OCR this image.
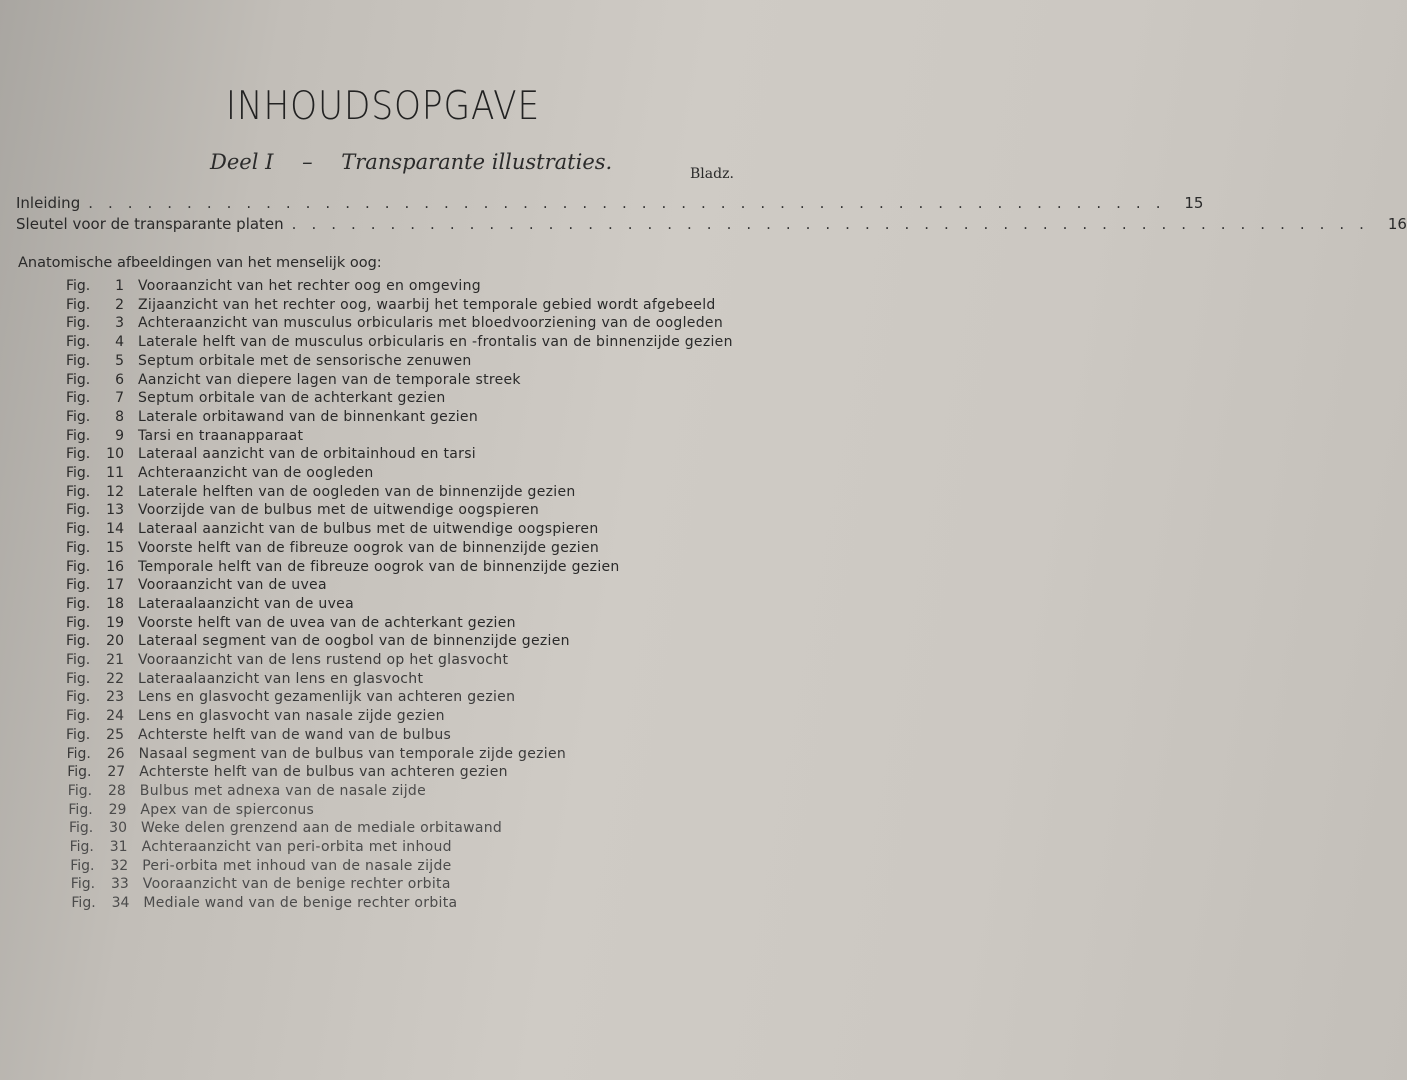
INHOUDSOPGAVE
Deel I – Transparante illustraties.	Bladz.
Inleiding ....................................................... 15
Sleutel voor de transparante platen ....................................................... 16
Anatomische afbeeldingen van het menselijk oog:
Fig.	1 Vooraanzicht van het rechter oog en omgeving
Fig.	2 Zijaanzicht van het rechter oog, waarbij het temporale gebied wordt afgebeeld
Fig.	3 Achteraanzicht van musculus orbicularis met bloedvoorziening van de oogleden
Fig.	4 Laterale helft van de musculus orbicularis en -frontalis van de binnenzijde gezien
Fig.	5 Septum orbitale met de sensorische zenuwen
Fig.	6 Aanzicht van diepere lagen van de temporale streek
Fig.	7 Septum orbitale van de achterkant gezien
Fig.	8 Laterale orbitawand van de binnenkant gezien
Fig.	9 Tarsi en traanapparaat
Fig.	10 Lateraal aanzicht van de orbitainhoud en tarsi
Fig.	11 Achteraanzicht van de oogleden
Fig.	12 Laterale helften van de oogleden van de binnenzijde gezien
Fig.	13 Voorzijde van de bulbus met de uitwendige oogspieren
Fig.	14 Lateraal aanzicht van de bulbus met de uitwendige oogspieren
Fig.	15 Voorste helft van de fibreuze oogrok van de binnenzijde gezien
Fig.	16 Temporale helft van de fibreuze oogrok van de binnenzijde gezien
Fig.	17 Vooraanzicht van de uvea
Fig.	18 Lateraalaanzicht van de uvea
Fig.	19 Voorste helft van de uvea van de achterkant gezien
Fig.	20 Lateraal segment van de oogbol van de binnenzijde gezien
Fig.	21 Vooraanzicht van de lens rustend op het glasvocht
Fig.	22 Lateraalaanzicht van lens en glasvocht
Fig.	23 Lens en glasvocht gezamenlijk van achteren gezien
Fig.	24 Lens en glasvocht van nasale zijde gezien
Fig.	25 Achterste helft van de wand van de bulbus
Fig.	26 Nasaal segment van de bulbus van temporale zijde gezien
Fig.	27 Achterste helft van de bulbus van achteren gezien
Fig.	28 Bulbus met adnexa van de nasale zijde
Fig.	29 Apex van de spierconus
Fig.	30 Weke delen grenzend aan de mediale orbitawand
Fig.	31 Achteraanzicht van peri-orbita met inhoud
Fig.	32 Peri-orbita met inhoud van de nasale zijde
Fig.	33 Vooraanzicht van de benige rechter orbita
Fig.	34 Mediale wand van de benige rechter orbita
